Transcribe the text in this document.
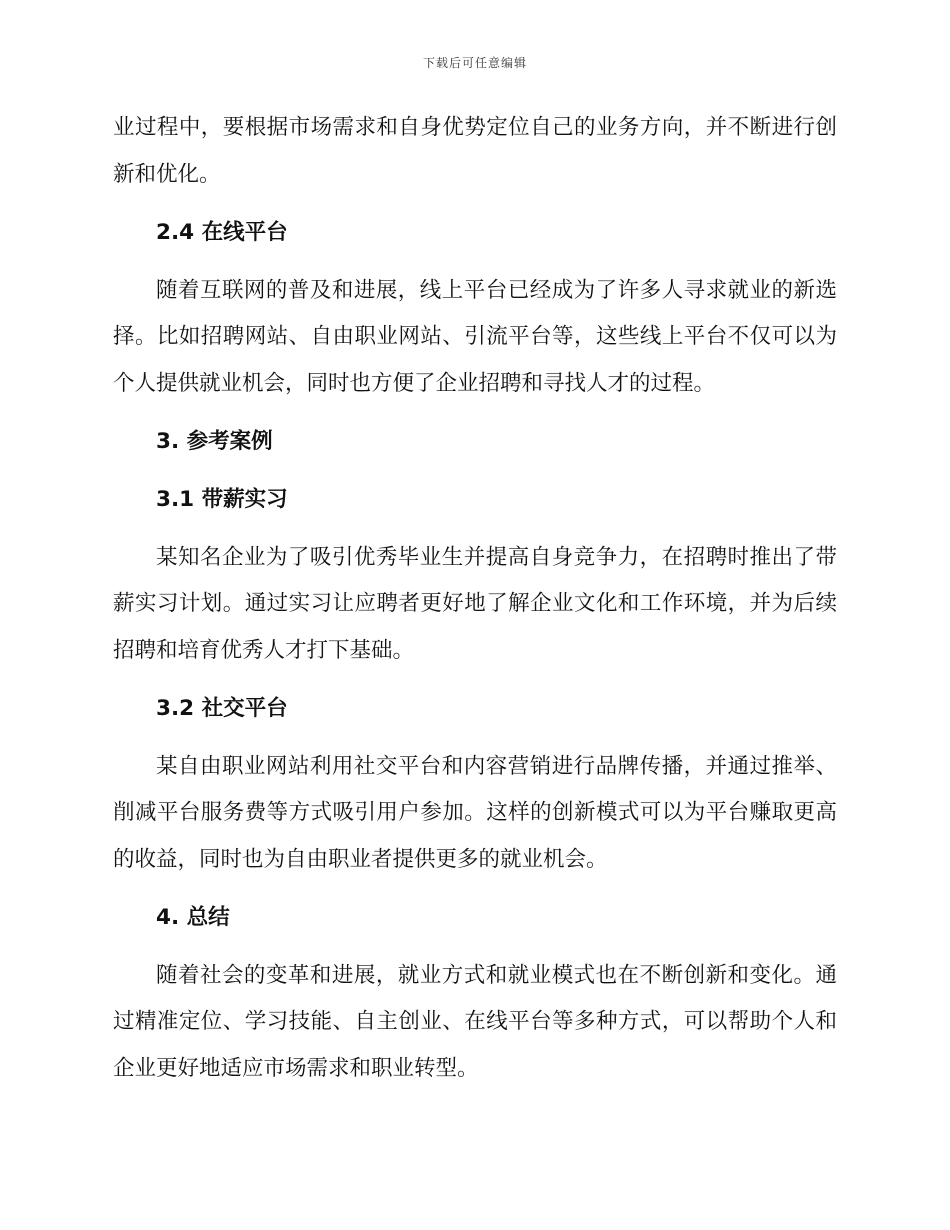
下载后可任意编辑

业过程中，要根据市场需求和自身优势定位自己的业务方向，并不断进行创新和优化。

2.4 在线平台

随着互联网的普及和进展，线上平台已经成为了许多人寻求就业的新选择。比如招聘网站、自由职业网站、引流平台等，这些线上平台不仅可以为个人提供就业机会，同时也方便了企业招聘和寻找人才的过程。

3. 参考案例
3.1 带薪实习

某知名企业为了吸引优秀毕业生并提高自身竞争力，在招聘时推出了带薪实习计划。通过实习让应聘者更好地了解企业文化和工作环境，并为后续招聘和培育优秀人才打下基础。

3.2 社交平台

某自由职业网站利用社交平台和内容营销进行品牌传播，并通过推举、削减平台服务费等方式吸引用户参加。这样的创新模式可以为平台赚取更高的收益，同时也为自由职业者提供更多的就业机会。

4. 总结

随着社会的变革和进展，就业方式和就业模式也在不断创新和变化。通过精准定位、学习技能、自主创业、在线平台等多种方式，可以帮助个人和企业更好地适应市场需求和职业转型。
